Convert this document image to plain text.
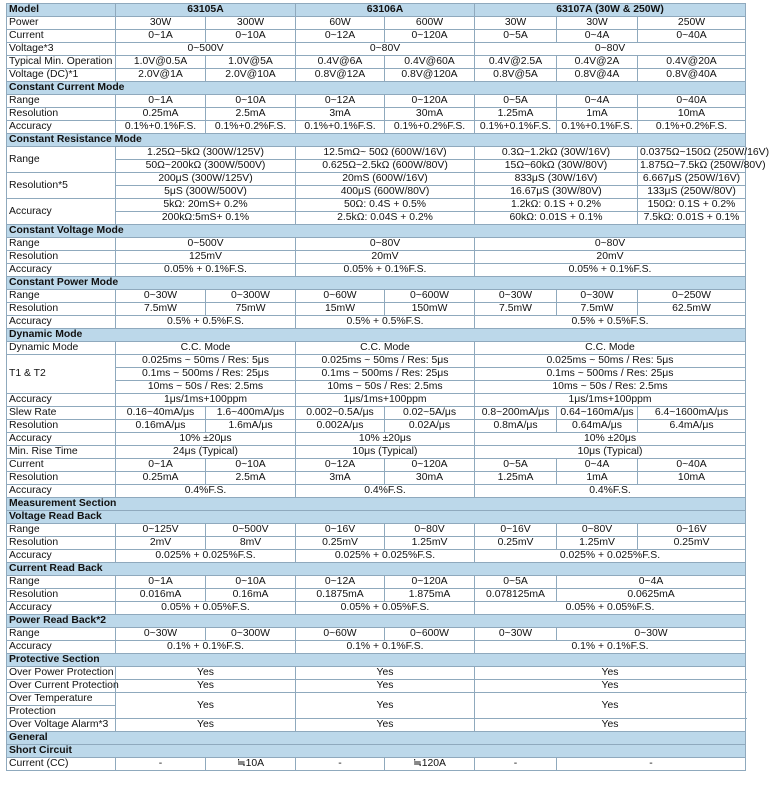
Model	63105A		63106A		63107A (30W & 250W)			
Power	30W	300W	60W	600W	30W	30W	250W	
Current	0~1A	0~10A	0~12A	0~120A	0~5A	0~4A	0~40A	
Voltage*3	0~500V		0~80V		0~80V			
Typical Min. Operation	1.0V@0.5A	1.0V@5A	0.4V@6A	0.4V@60A	0.4V@2.5A	0.4V@2A	0.4V@20A	
Voltage (DC)*1	2.0V@1A	2.0V@10A	0.8V@12A	0.8V@120A	0.8V@5A	0.8V@4A	0.8V@40A	
Constant Current Mode								
Range	0~1A	0~10A	0~12A	0~120A	0~5A	0~4A	0~40A	
Resolution	0.25mA	2.5mA	3mA	30mA	1.25mA	1mA	10mA	
Accuracy	0.1%+0.1%F.S.	0.1%+0.2%F.S.	0.1%+0.1%F.S.	0.1%+0.2%F.S.	0.1%+0.1%F.S.	0.1%+0.1%F.S.	0.1%+0.2%F.S.	
Constant Resistance Mode								
Range	1.25Ω~5kΩ (300W/125V)		12.5mΩ~ 50Ω (600W/16V)		0.3Ω~1.2kΩ (30W/16V)		0.0375Ω~150Ω (250W/16V)	
	50Ω~200kΩ (300W/500V)		0.625Ω~2.5kΩ (600W/80V)		15Ω~60kΩ (30W/80V)		1.875Ω~7.5kΩ (250W/80V)	
Resolution*5	200μS (300W/125V)		20mS (600W/16V)		833μS (30W/16V)		6.667μS (250W/16V)	
	5μS (300W/500V)		400μS (600W/80V)		16.67μS (30W/80V)		133μS (250W/80V)	
Accuracy	5kΩ: 20mS+ 0.2%		50Ω: 0.4S + 0.5%		1.2kΩ: 0.1S + 0.2%		150Ω: 0.1S + 0.2%	
	200kΩ:5mS+ 0.1%		2.5kΩ: 0.04S + 0.2%		60kΩ: 0.01S + 0.1%		7.5kΩ: 0.01S + 0.1%	
Constant Voltage Mode								
Range	0~500V		0~80V		0~80V			
Resolution	125mV		20mV		20mV			
Accuracy	0.05% + 0.1%F.S.		0.05% + 0.1%F.S.		0.05% + 0.1%F.S.			
Constant Power Mode								
Range	0~30W	0~300W	0~60W	0~600W	0~30W	0~30W	0~250W	
Resolution	7.5mW	75mW	15mW	150mW	7.5mW	7.5mW	62.5mW	
Accuracy	0.5% + 0.5%F.S.		0.5% + 0.5%F.S.		0.5% + 0.5%F.S.			
Dynamic Mode								
Dynamic Mode	C.C. Mode		C.C. Mode		C.C. Mode			
T1 & T2	0.025ms ~ 50ms / Res: 5μs		0.025ms ~ 50ms / Res: 5μs		0.025ms ~ 50ms / Res: 5μs			
	0.1ms ~ 500ms / Res: 25μs		0.1ms ~ 500ms / Res: 25μs		0.1ms ~ 500ms / Res: 25μs			
	10ms ~ 50s / Res: 2.5ms		10ms ~ 50s / Res: 2.5ms		10ms ~ 50s / Res: 2.5ms			
Accuracy	1μs/1ms+100ppm		1μs/1ms+100ppm		1μs/1ms+100ppm			
Slew Rate	0.16~40mA/μs	1.6~400mA/μs	0.002~0.5A/μs	0.02~5A/μs	0.8~200mA/μs	0.64~160mA/μs	6.4~1600mA/μs	
Resolution	0.16mA/μs	1.6mA/μs	0.002A/μs	0.02A/μs	0.8mA/μs	0.64mA/μs	6.4mA/μs	
Accuracy	10% ±20μs		10% ±20μs		10% ±20μs			
Min. Rise Time	24μs (Typical)		10μs (Typical)		10μs (Typical)			
Current	0~1A	0~10A	0~12A	0~120A	0~5A	0~4A	0~40A	
Resolution	0.25mA	2.5mA	3mA	30mA	1.25mA	1mA	10mA	
Accuracy	0.4%F.S.		0.4%F.S.		0.4%F.S.			
Measurement Section								
Voltage Read Back								
Range	0~125V	0~500V	0~16V	0~80V	0~16V	0~80V	0~16V	
Resolution	2mV	8mV	0.25mV	1.25mV	0.25mV	1.25mV	0.25mV	
Accuracy	0.025% + 0.025%F.S.		0.025% + 0.025%F.S.		0.025% + 0.025%F.S.			
Current Read Back								
Range	0~1A	0~10A	0~12A	0~120A	0~5A	0~4A	
Resolution	0.016mA	0.16mA	0.1875mA	1.875mA	0.078125mA	0.0625mA	
Accuracy	0.05% + 0.05%F.S.		0.05% + 0.05%F.S.		0.05% + 0.05%F.S.			
Power Read Back*2								
Range	0~30W	0~300W	0~60W	0~600W	0~30W	0~30W	
Accuracy	0.1% + 0.1%F.S.		0.1% + 0.1%F.S.		0.1% + 0.1%F.S.			
Protective Section								
Over Power Protection	Yes		Yes		Yes			
Over Current Protection	Yes		Yes		Yes			
Over Temperature	Yes		Yes		Yes			
Protection								
Over Voltage Alarm*3	Yes		Yes		Yes			
General								
Short Circuit								
Current (CC)	-	≒10A	-	≒120A	-	-	
